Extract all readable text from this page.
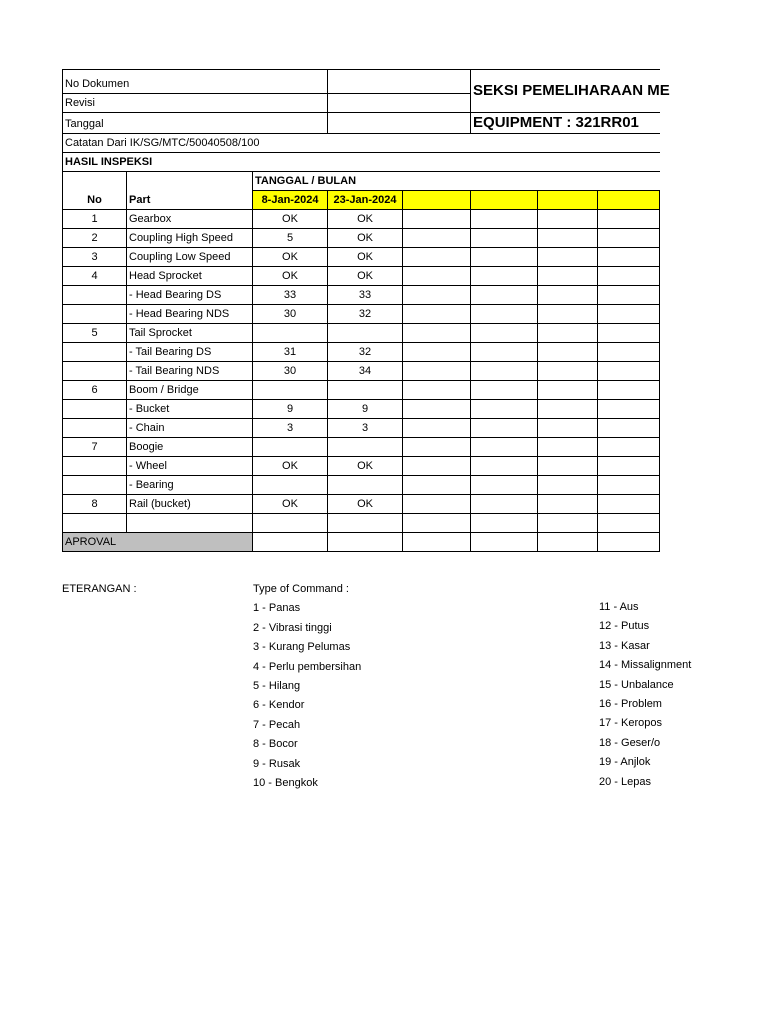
No Dokumen					SEKSI PEMELIHARAAN ME		
Revisi							
Tanggal					EQUIPMENT : 321RR01		
Catatan Dari IK/SG/MTC/50040508/100							
HASIL INSPEKSI							
No	Part	TANGGAL / BULAN					
		8-Jan-2024	23-Jan-2024				
1	Gearbox	OK	OK				
2	Coupling High Speed	5	OK				
3	Coupling Low Speed	OK	OK				
4	Head Sprocket	OK	OK				
	- Head Bearing DS	33	33				
	- Head Bearing NDS	30	32				
5	Tail Sprocket						
	- Tail Bearing DS	31	32				
	- Tail Bearing NDS	30	34				
6	Boom / Bridge						
	- Bucket	9	9				
	- Chain	3	3				
7	Boogie						
	- Wheel	OK	OK				
	- Bearing						
8	Rail (bucket)	OK	OK				

APROVAL							
ETERANGAN :	Type of Command :
1 - Panas
2 - Vibrasi tinggi
3 - Kurang Pelumas
4 - Perlu pembersihan
5 - Hilang
6 - Kendor
7 - Pecah
8 - Bocor
9 - Rusak
10 - Bengkok
11 - Aus
12 - Putus
13 - Kasar
14 - Missalignment
15 - Unbalance
16 - Problem
17 - Keropos
18 - Geser/o
19 - Anjlok
20 - Lepas
